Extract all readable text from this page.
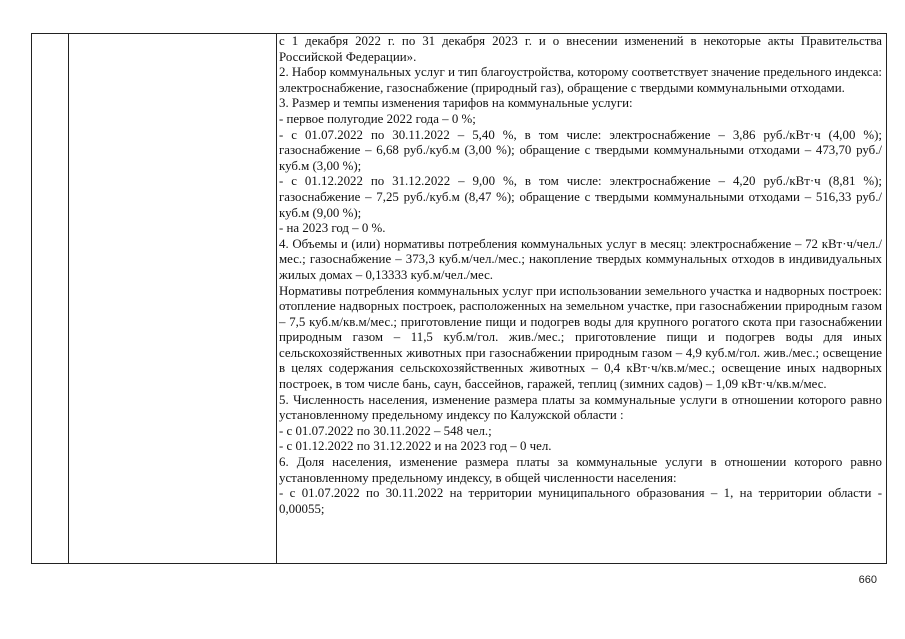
с 1 декабря 2022 г. по 31 декабря 2023 г. и о внесении изменений в некоторые акты Правительства Российской Федерации».

2. Набор коммунальных услуг и тип благоустройства, которому соответствует значение предельного индекса: электроснабжение, газоснабжение (природный газ), обращение с твердыми коммунальными отходами.

3. Размер и темпы изменения тарифов на коммунальные услуги:

- первое полугодие 2022 года – 0 %;

- с 01.07.2022 по 30.11.2022 – 5,40 %, в том числе: электроснабжение – 3,86 руб./кВт·ч (4,00 %); газоснабжение – 6,68 руб./куб.м (3,00 %); обращение с твердыми коммунальными отходами – 473,70 руб./куб.м (3,00 %);

- с 01.12.2022 по 31.12.2022 – 9,00 %, в том числе: электроснабжение – 4,20 руб./кВт·ч (8,81 %); газоснабжение – 7,25 руб./куб.м (8,47 %); обращение с твердыми коммунальными отходами – 516,33 руб./куб.м (9,00 %);

- на 2023 год – 0 %.

4. Объемы и (или) нормативы потребления коммунальных услуг в месяц: электроснабжение – 72 кВт·ч/чел./мес.; газоснабжение – 373,3 куб.м/чел./мес.; накопление твердых коммунальных отходов в индивидуальных жилых домах – 0,13333 куб.м/чел./мес.

Нормативы потребления коммунальных услуг при использовании земельного участка и надворных построек: отопление надворных построек, расположенных на земельном участке, при газоснабжении природным газом – 7,5 куб.м/кв.м/мес.; приготовление пищи и подогрев воды для крупного рогатого скота при газоснабжении природным газом – 11,5 куб.м/гол. жив./мес.; приготовление пищи и подогрев воды для иных сельскохозяйственных животных при газоснабжении природным газом – 4,9 куб.м/гол. жив./мес.; освещение в целях содержания сельскохозяйственных животных – 0,4 кВт·ч/кв.м/мес.; освещение иных надворных построек, в том числе бань, саун, бассейнов, гаражей, теплиц (зимних садов) – 1,09 кВт·ч/кв.м/мес.

5. Численность населения, изменение размера платы за коммунальные услуги в отношении которого равно установленному предельному индексу по Калужской области :

- с 01.07.2022 по 30.11.2022 – 548 чел.;

- с 01.12.2022 по 31.12.2022 и на 2023 год – 0 чел.

6. Доля населения, изменение размера платы за коммунальные услуги в отношении которого равно установленному предельному индексу, в общей численности населения:

- с 01.07.2022 по 30.11.2022 на территории муниципального образования – 1, на территории области - 0,00055;

660
